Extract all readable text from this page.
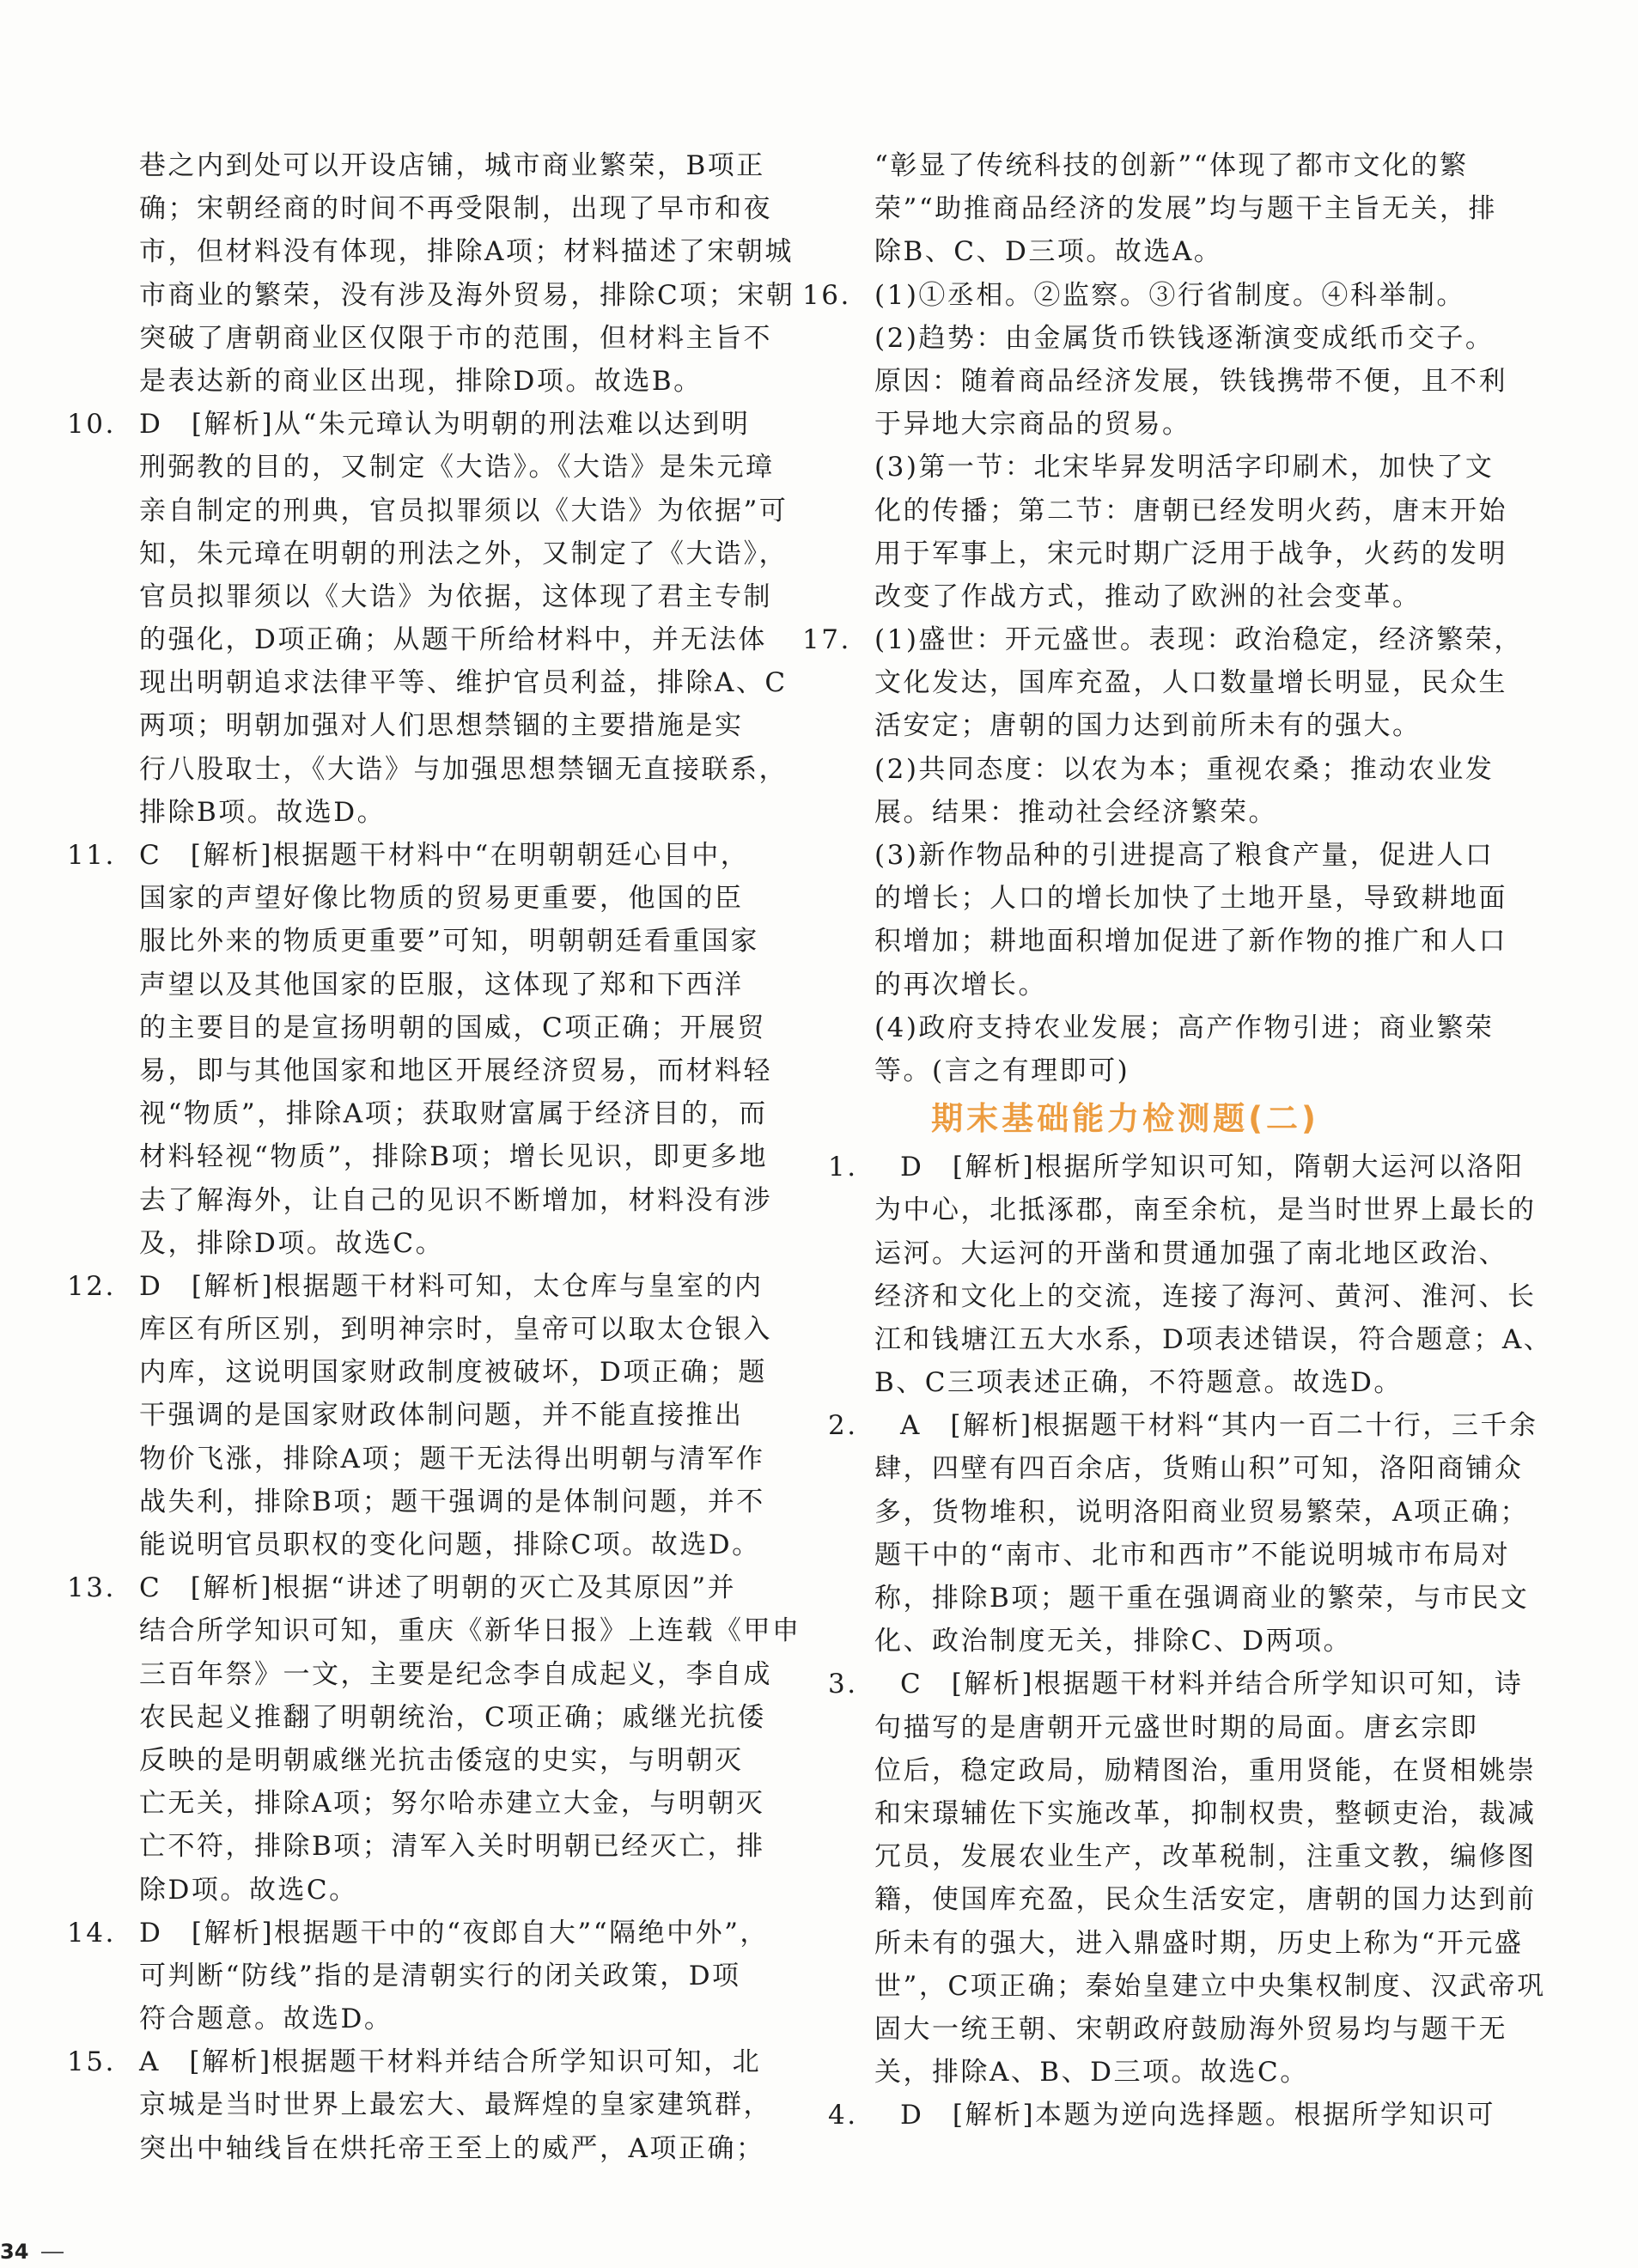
巷之内到处可以开设店铺，城市商业繁荣，B项正
确；宋朝经商的时间不再受限制，出现了早市和夜
市，但材料没有体现，排除A项；材料描述了宋朝城
市商业的繁荣，没有涉及海外贸易，排除C项；宋朝
突破了唐朝商业区仅限于市的范围，但材料主旨不
是表达新的商业区出现，排除D项。故选B。
10. D　[解析]从“朱元璋认为明朝的刑法难以达到明
刑弼教的目的，又制定《大诰》。《大诰》是朱元璋
亲自制定的刑典，官员拟罪须以《大诰》为依据”可
知，朱元璋在明朝的刑法之外，又制定了《大诰》，
官员拟罪须以《大诰》为依据，这体现了君主专制
的强化，D项正确；从题干所给材料中，并无法体
现出明朝追求法律平等、维护官员利益，排除A、C
两项；明朝加强对人们思想禁锢的主要措施是实
行八股取士，《大诰》与加强思想禁锢无直接联系，
排除B项。故选D。
11. C　[解析]根据题干材料中“在明朝朝廷心目中，
国家的声望好像比物质的贸易更重要，他国的臣
服比外来的物质更重要”可知，明朝朝廷看重国家
声望以及其他国家的臣服，这体现了郑和下西洋
的主要目的是宣扬明朝的国威，C项正确；开展贸
易，即与其他国家和地区开展经济贸易，而材料轻
视“物质”，排除A项；获取财富属于经济目的，而
材料轻视“物质”，排除B项；增长见识，即更多地
去了解海外，让自己的见识不断增加，材料没有涉
及，排除D项。故选C。
12. D　[解析]根据题干材料可知，太仓库与皇室的内
库区有所区别，到明神宗时，皇帝可以取太仓银入
内库，这说明国家财政制度被破坏，D项正确；题
干强调的是国家财政体制问题，并不能直接推出
物价飞涨，排除A项；题干无法得出明朝与清军作
战失利，排除B项；题干强调的是体制问题，并不
能说明官员职权的变化问题，排除C项。故选D。
13. C　[解析]根据“讲述了明朝的灭亡及其原因”并
结合所学知识可知，重庆《新华日报》上连载《甲申
三百年祭》一文，主要是纪念李自成起义，李自成
农民起义推翻了明朝统治，C项正确；戚继光抗倭
反映的是明朝戚继光抗击倭寇的史实，与明朝灭
亡无关，排除A项；努尔哈赤建立大金，与明朝灭
亡不符，排除B项；清军入关时明朝已经灭亡，排
除D项。故选C。
14. D　[解析]根据题干中的“夜郎自大”“隔绝中外”，
可判断“防线”指的是清朝实行的闭关政策，D项
符合题意。故选D。
15. A　[解析]根据题干材料并结合所学知识可知，北
京城是当时世界上最宏大、最辉煌的皇家建筑群，
突出中轴线旨在烘托帝王至上的威严，A项正确；
“彰显了传统科技的创新”“体现了都市文化的繁
荣”“助推商品经济的发展”均与题干主旨无关，排
除B、C、D三项。故选A。
16. (1)①丞相。②监察。③行省制度。④科举制。
(2)趋势：由金属货币铁钱逐渐演变成纸币交子。
原因：随着商品经济发展，铁钱携带不便，且不利
于异地大宗商品的贸易。
(3)第一节：北宋毕昇发明活字印刷术，加快了文
化的传播；第二节：唐朝已经发明火药，唐末开始
用于军事上，宋元时期广泛用于战争，火药的发明
改变了作战方式，推动了欧洲的社会变革。
17. (1)盛世：开元盛世。表现：政治稳定，经济繁荣，
文化发达，国库充盈，人口数量增长明显，民众生
活安定；唐朝的国力达到前所未有的强大。
(2)共同态度：以农为本；重视农桑；推动农业发
展。结果：推动社会经济繁荣。
(3)新作物品种的引进提高了粮食产量，促进人口
的增长；人口的增长加快了土地开垦，导致耕地面
积增加；耕地面积增加促进了新作物的推广和人口
的再次增长。
(4)政府支持农业发展；高产作物引进；商业繁荣
等。(言之有理即可)
期末基础能力检测题(二)
1. D　[解析]根据所学知识可知，隋朝大运河以洛阳
为中心，北抵涿郡，南至余杭，是当时世界上最长的
运河。大运河的开凿和贯通加强了南北地区政治、
经济和文化上的交流，连接了海河、黄河、淮河、长
江和钱塘江五大水系，D项表述错误，符合题意；A、
B、C三项表述正确，不符题意。故选D。
2. A　[解析]根据题干材料“其内一百二十行，三千余
肆，四壁有四百余店，货贿山积”可知，洛阳商铺众
多，货物堆积，说明洛阳商业贸易繁荣，A项正确；
题干中的“南市、北市和西市”不能说明城市布局对
称，排除B项；题干重在强调商业的繁荣，与市民文
化、政治制度无关，排除C、D两项。
3. C　[解析]根据题干材料并结合所学知识可知，诗
句描写的是唐朝开元盛世时期的局面。唐玄宗即
位后，稳定政局，励精图治，重用贤能，在贤相姚崇
和宋璟辅佐下实施改革，抑制权贵，整顿吏治，裁减
冗员，发展农业生产，改革税制，注重文教，编修图
籍，使国库充盈，民众生活安定，唐朝的国力达到前
所未有的强大，进入鼎盛时期，历史上称为“开元盛
世”，C项正确；秦始皇建立中央集权制度、汉武帝巩
固大一统王朝、宋朝政府鼓励海外贸易均与题干无
关，排除A、B、D三项。故选C。
4. D　[解析]本题为逆向选择题。根据所学知识可
34
